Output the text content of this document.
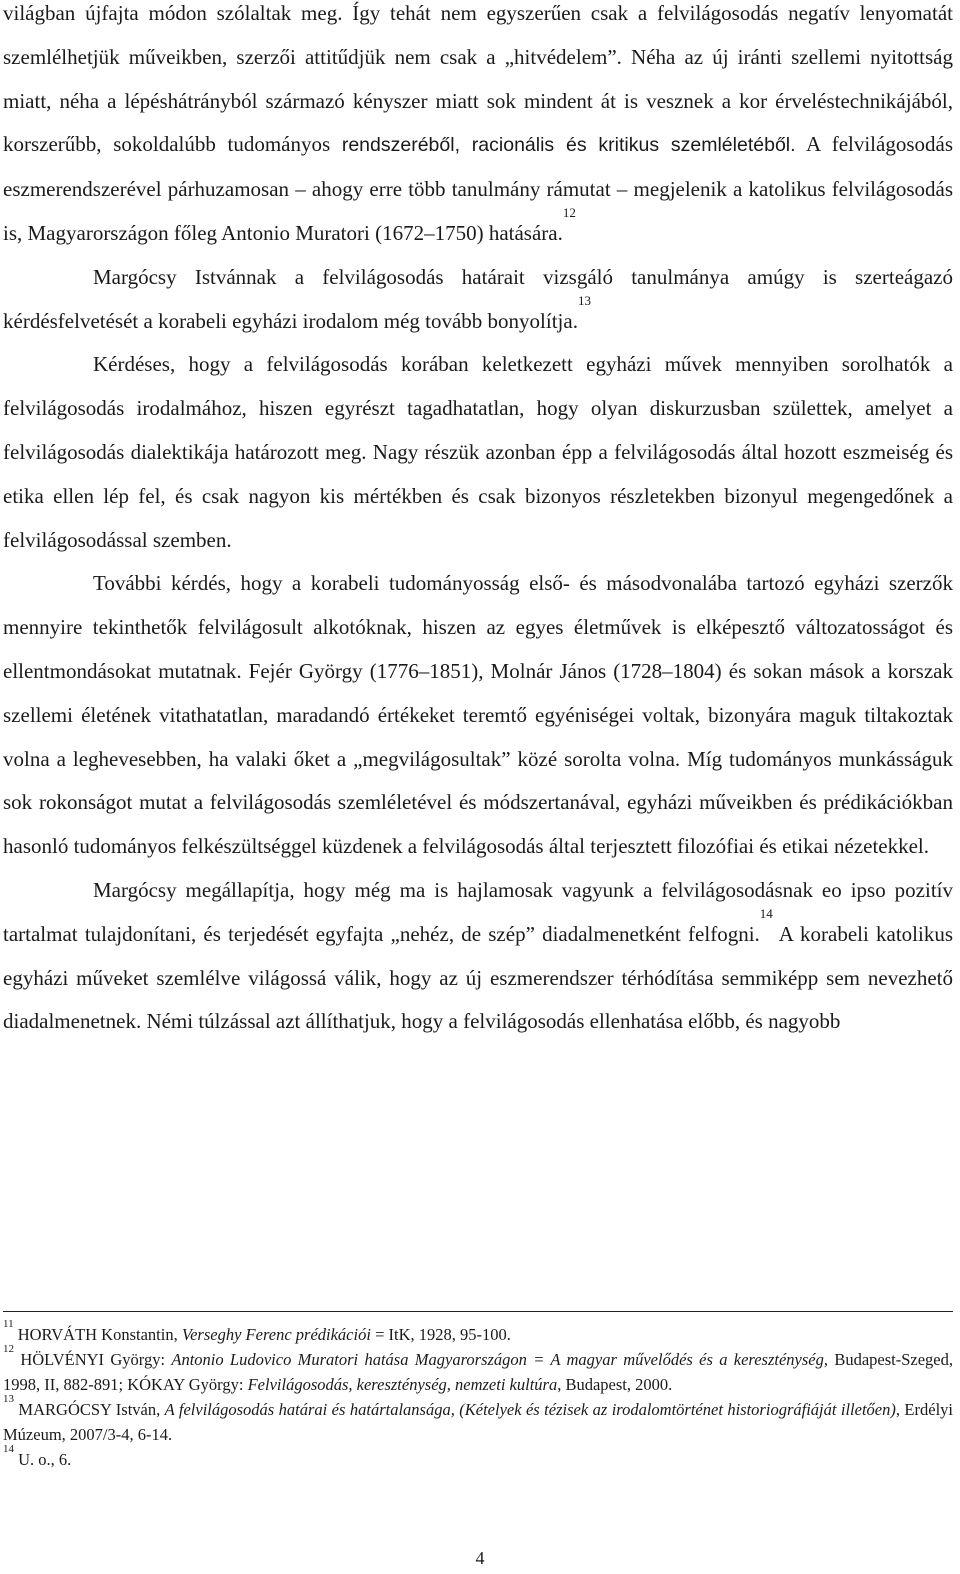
világban újfajta módon szólaltak meg. Így tehát nem egyszerűen csak a felvilágosodás negatív lenyomatát szemlélhetjük műveikben, szerzői attitűdjük nem csak a „hitvédelem”. Néha az új iránti szellemi nyitottság miatt, néha a lépéshátrányból származó kényszer miatt sok mindent át is vesznek a kor érveléstechnikájából, korszerűbb, sokoldalúbb tudományos rendszeréből, racionális és kritikus szemléletéből. A felvilágosodás eszmerendszerével párhuzamosan – ahogy erre több tanulmány rámutat – megjelenik a katolikus felvilágosodás is, Magyarországon főleg Antonio Muratori (1672–1750) hatására.$^{12}$

Margócsy Istvánnak a felvilágosodás határait vizsgáló tanulmánya amúgy is szerteágazó kérdésfelvetését a korabeli egyházi irodalom még tovább bonyolítja.$^{13}$

Kérdéses, hogy a felvilágosodás korában keletkezett egyházi művek mennyiben sorolhatók a felvilágosodás irodalmához, hiszen egyrészt tagadhatatlan, hogy olyan diskurzusban születtek, amelyet a felvilágosodás dialektikája határozott meg. Nagy részük azonban épp a felvilágosodás által hozott eszmeiség és etika ellen lép fel, és csak nagyon kis mértékben és csak bizonyos részletekben bizonyul megengedőnek a felvilágosodással szemben.

További kérdés, hogy a korabeli tudományosság első- és másodvonalába tartozó egyházi szerzők mennyire tekinthetők felvilágosult alkotóknak, hiszen az egyes életművek is elképesztő változatosságot és ellentmondásokat mutatnak. Fejér György (1776–1851), Molnár János (1728–1804) és sokan mások a korszak szellemi életének vitathatatlan, maradandó értékeket teremtő egyéniségei voltak, bizonyára maguk tiltakoztak volna a leghevesebben, ha valaki őket a „megvilágosultak” közé sorolta volna. Míg tudományos munkásságuk sok rokonságot mutat a felvilágosodás szemléletével és módszertanával, egyházi műveikben és prédikációkban hasonló tudományos felkészültséggel küzdenek a felvilágosodás által terjesztett filozófiai és etikai nézetekkel.

Margócsy megállapítja, hogy még ma is hajlamosak vagyunk a felvilágosodásnak eo ipso pozitív tartalmat tulajdonítani, és terjedését egyfajta „nehéz, de szép” diadalmenetként felfogni.$^{14}$ A korabeli katolikus egyházi műveket szemlélve világossá válik, hogy az új eszmerendszer térhódítása semmiképp sem nevezhető diadalmenetnek. Némi túlzással azt állíthatjuk, hogy a felvilágosodás ellenhatása előbb, és nagyobb

$^{11}$ HORVÁTH Konstantin, Verseghy Ferenc prédikációi = ItK, 1928, 95-100.

$^{12}$ HÖLVÉNYI György: Antonio Ludovico Muratori hatása Magyarországon = A magyar művelődés és a kereszténység, Budapest-Szeged, 1998, II, 882-891; KÓKAY György: Felvilágosodás, kereszténység, nemzeti kultúra, Budapest, 2000.

$^{13}$ MARGÓCSY István, A felvilágosodás határai és határtalansága, (Kételyek és tézisek az irodalomtörténet historiográfiáját illetően), Erdélyi Múzeum, 2007/3-4, 6-14.

$^{14}$ U. o., 6.

4
